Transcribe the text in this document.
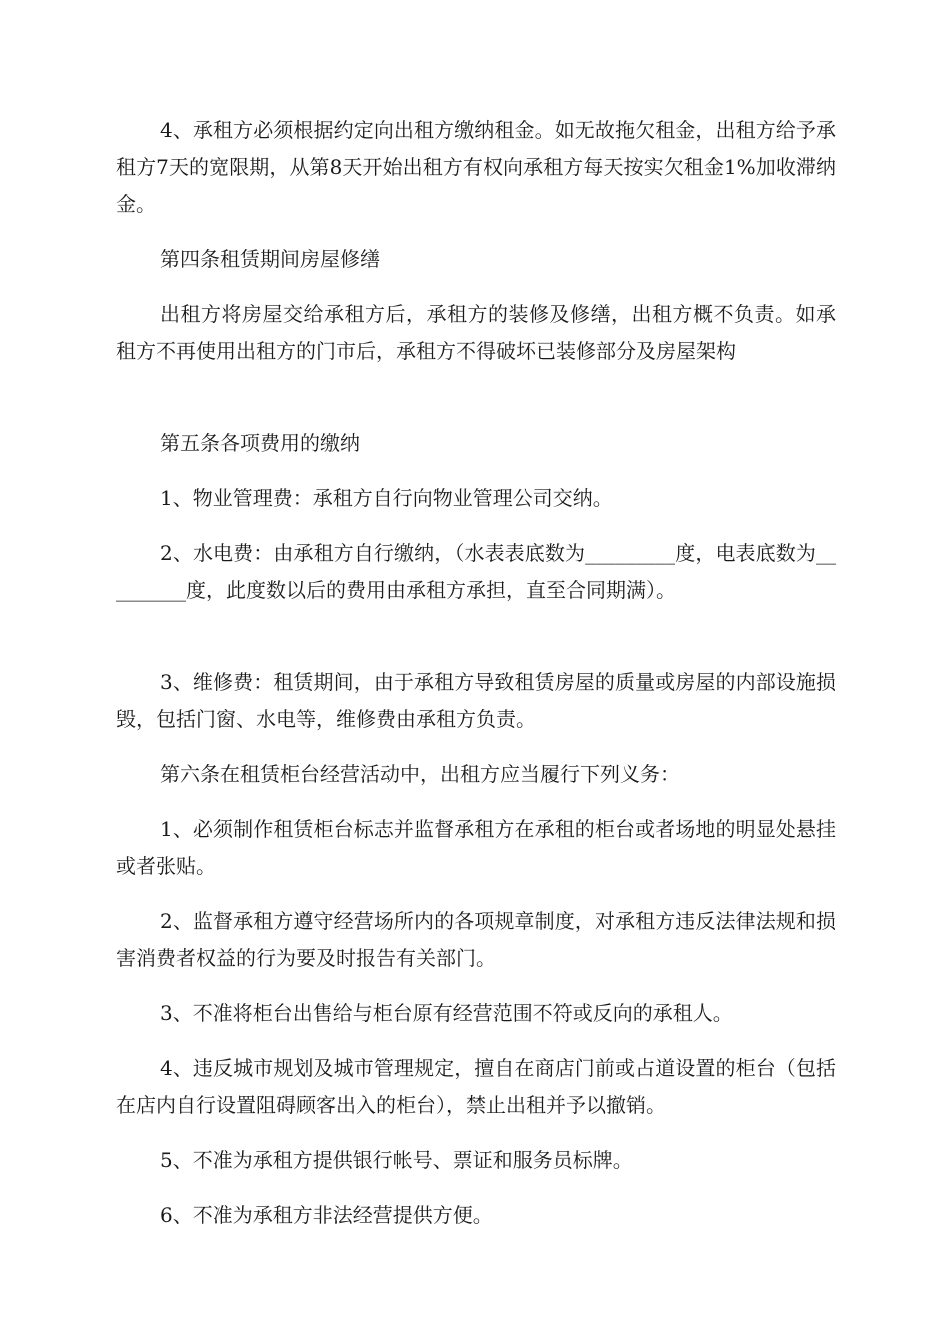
4、承租方必须根据约定向出租方缴纳租金。如无故拖欠租金，出租方给予承租方7天的宽限期，从第8天开始出租方有权向承租方每天按实欠租金1%加收滞纳金。

第四条租赁期间房屋修缮

出租方将房屋交给承租方后，承租方的装修及修缮，出租方概不负责。如承租方不再使用出租方的门市后，承租方不得破坏已装修部分及房屋架构

第五条各项费用的缴纳

1、物业管理费：承租方自行向物业管理公司交纳。

2、水电费：由承租方自行缴纳，（水表表底数为_________度，电表底数为_________度，此度数以后的费用由承租方承担，直至合同期满）。

3、维修费：租赁期间，由于承租方导致租赁房屋的质量或房屋的内部设施损毁，包括门窗、水电等，维修费由承租方负责。

第六条在租赁柜台经营活动中，出租方应当履行下列义务：

1、必须制作租赁柜台标志并监督承租方在承租的柜台或者场地的明显处悬挂或者张贴。

2、监督承租方遵守经营场所内的各项规章制度，对承租方违反法律法规和损害消费者权益的行为要及时报告有关部门。

3、不准将柜台出售给与柜台原有经营范围不符或反向的承租人。

4、违反城市规划及城市管理规定，擅自在商店门前或占道设置的柜台（包括在店内自行设置阻碍顾客出入的柜台），禁止出租并予以撤销。

5、不准为承租方提供银行帐号、票证和服务员标牌。

6、不准为承租方非法经营提供方便。
